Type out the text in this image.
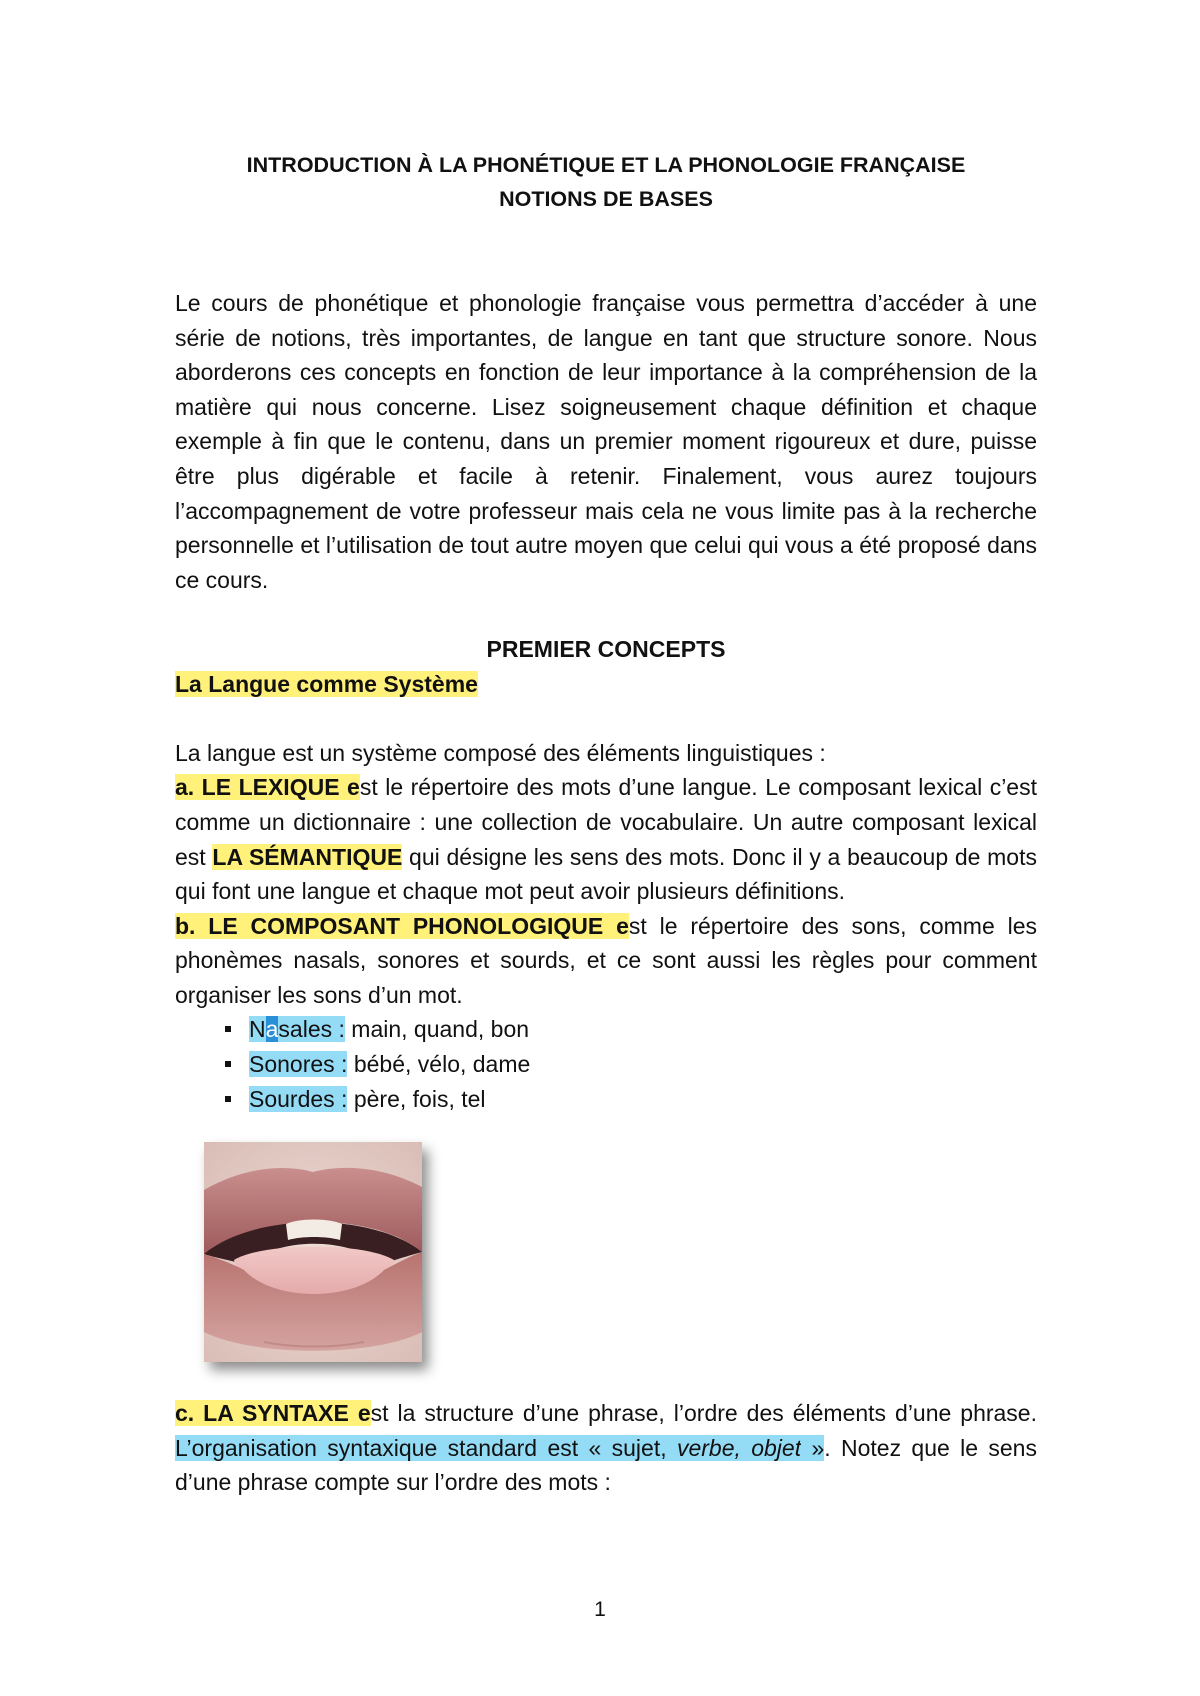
INTRODUCTION À LA PHONÉTIQUE ET LA PHONOLOGIE FRANÇAISE

NOTIONS DE BASES

Le cours de phonétique et phonologie française vous permettra d’accéder à une série de notions, très importantes, de langue en tant que structure sonore. Nous aborderons ces concepts en fonction de leur importance à la compréhension de la matière qui nous concerne. Lisez soigneusement chaque définition et chaque exemple à fin que le contenu, dans un premier moment rigoureux et dure, puisse être plus digérable et facile à retenir. Finalement, vous aurez toujours l’accompagnement de votre professeur mais cela ne vous limite pas à la recherche personnelle et l’utilisation de tout autre moyen que celui qui vous a été proposé dans ce cours.

PREMIER CONCEPTS

La Langue comme Système

La langue est un système composé des éléments linguistiques :

a. LE LEXIQUE est le répertoire des mots d’une langue. Le composant lexical c’est comme un dictionnaire : une collection de vocabulaire. Un autre composant lexical est LA SÉMANTIQUE qui désigne les sens des mots. Donc il y a beaucoup de mots qui font une langue et chaque mot peut avoir plusieurs définitions.

b. LE COMPOSANT PHONOLOGIQUE est le répertoire des sons, comme les phonèmes nasals, sonores et sourds, et ce sont aussi les règles pour comment organiser les sons d’un mot.

Nasales : main, quand, bon
Sonores : bébé, vélo, dame
Sourdes : père, fois, tel

c. LA SYNTAXE est la structure d’une phrase, l’ordre des éléments d’une phrase. L’organisation syntaxique standard est « sujet, verbe, objet ». Notez que le sens d’une phrase compte sur l’ordre des mots :

1
